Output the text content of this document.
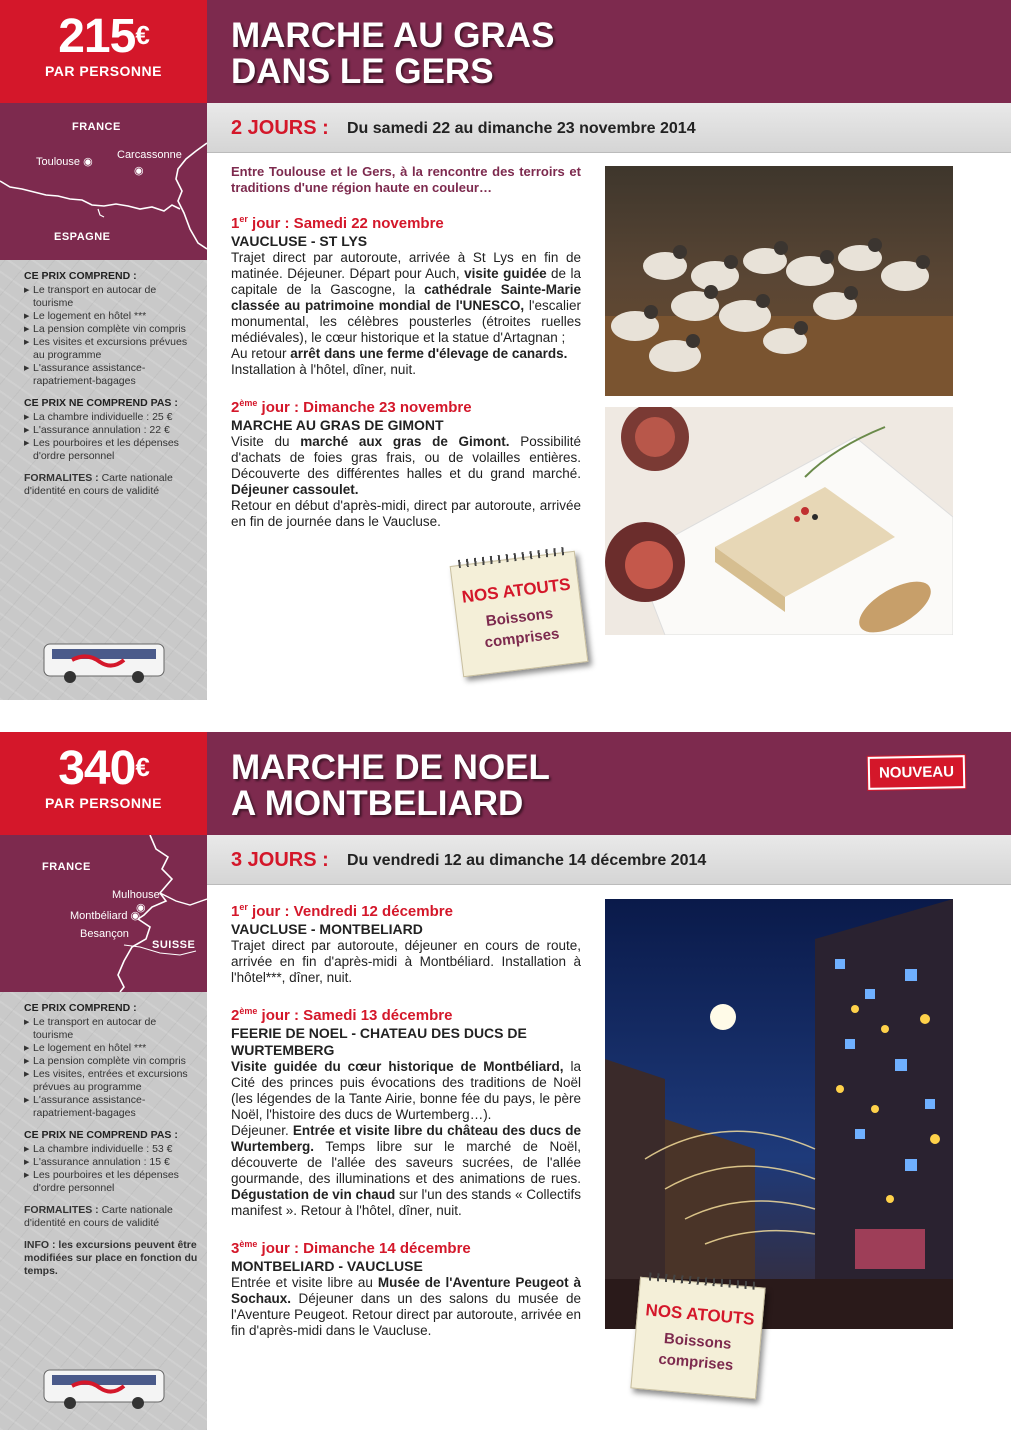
215€
PAR PERSONNE
MARCHE AU GRAS
DANS LE GERS
2 JOURS : Du samedi 22 au dimanche 23 novembre 2014
FRANCE
ESPAGNE
Toulouse ◉
Carcassonne
◉
CE PRIX COMPREND :
▶ Le transport en autocar de tourisme
▶ Le logement en hôtel ***
▶ La pension complète vin compris
▶ Les visites et excursions prévues au programme
▶ L'assurance assistance-rapatriement-bagages
CE PRIX NE COMPREND PAS :
▶ La chambre individuelle : 25 €
▶ L'assurance annulation : 22 €
▶ Les pourboires et les dépenses d'ordre personnel
FORMALITES : Carte nationale d'identité en cours de validité

Entre Toulouse et le Gers, à la rencontre des terroirs et traditions d'une région haute en couleur…

1er jour : Samedi 22 novembre

VAUCLUSE - ST LYS

Trajet direct par autoroute, arrivée à St Lys en fin de matinée. Déjeuner. Départ pour Auch, visite guidée de la capitale de la Gascogne, la cathédrale Sainte-Marie classée au patrimoine mondial de l'UNESCO, l'escalier monumental, les célèbres pousterles (étroites ruelles médiévales), le cœur historique et la statue d'Artagnan ;
Au retour arrêt dans une ferme d'élevage de canards.
Installation à l'hôtel, dîner, nuit.

2ème jour : Dimanche 23 novembre

MARCHE AU GRAS DE GIMONT

Visite du marché aux gras de Gimont. Possibilité d'achats de foies gras frais, ou de volailles entières. Découverte des différentes halles et du grand marché. Déjeuner cassoulet.
Retour en début d'après-midi, direct par autoroute, arrivée en fin de journée dans le Vaucluse.
NOS ATOUTS
Boissons
comprises
340€
PAR PERSONNE
MARCHE DE NOEL
A MONTBELIARD
NOUVEAU
3 JOURS : Du vendredi 12 au dimanche 14 décembre 2014
FRANCE
SUISSE
Mulhouse
◉
Montbéliard ◉
Besançon
CE PRIX COMPREND :
▶ Le transport en autocar de tourisme
▶ Le logement en hôtel ***
▶ La pension complète vin compris
▶ Les visites, entrées et excursions prévues au programme
▶ L'assurance assistance-rapatriement-bagages
CE PRIX NE COMPREND PAS :
▶ La chambre individuelle : 53 €
▶ L'assurance annulation : 15 €
▶ Les pourboires et les dépenses d'ordre personnel
FORMALITES : Carte nationale d'identité en cours de validité
INFO : les excursions peuvent être modifiées sur place en fonction du temps.

1er jour : Vendredi 12 décembre

VAUCLUSE - MONTBELIARD

Trajet direct par autoroute, déjeuner en cours de route, arrivée en fin d'après-midi à Montbéliard. Installation à l'hôtel***, dîner, nuit.

2ème jour : Samedi 13 décembre

FEERIE DE NOEL - CHATEAU DES DUCS DE WURTEMBERG

Visite guidée du cœur historique de Montbéliard, la Cité des princes puis évocations des traditions de Noël (les légendes de la Tante Airie, bonne fée du pays, le père Noël, l'histoire des ducs de Wurtemberg…).
Déjeuner. Entrée et visite libre du château des ducs de Wurtemberg. Temps libre sur le marché de Noël, découverte de l'allée des saveurs sucrées, de l'allée gourmande, des illuminations et des animations de rues. Dégustation de vin chaud sur l'un des stands « Collectifs manifest ». Retour à l'hôtel, dîner, nuit.

3ème jour : Dimanche 14 décembre

MONTBELIARD - VAUCLUSE

Entrée et visite libre au Musée de l'Aventure Peugeot à Sochaux. Déjeuner dans un des salons du musée de l'Aventure Peugeot. Retour direct par autoroute, arrivée en fin d'après-midi dans le Vaucluse.
NOS ATOUTS
Boissons
comprises
